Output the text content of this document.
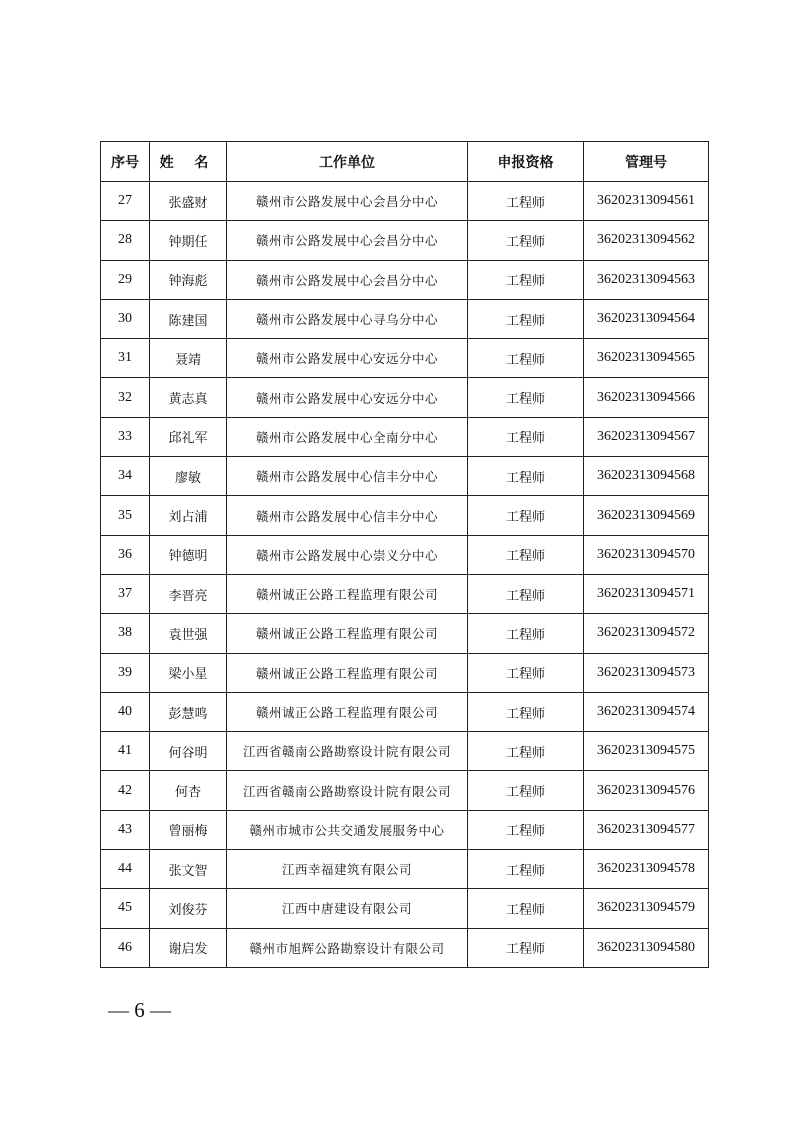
序号	姓 名	工作单位	申报资格	管理号
27	张盛财	赣州市公路发展中心会昌分中心	工程师	36202313094561
28	钟期任	赣州市公路发展中心会昌分中心	工程师	36202313094562
29	钟海彪	赣州市公路发展中心会昌分中心	工程师	36202313094563
30	陈建国	赣州市公路发展中心寻乌分中心	工程师	36202313094564
31	聂靖	赣州市公路发展中心安远分中心	工程师	36202313094565
32	黄志真	赣州市公路发展中心安远分中心	工程师	36202313094566
33	邱礼军	赣州市公路发展中心全南分中心	工程师	36202313094567
34	廖敏	赣州市公路发展中心信丰分中心	工程师	36202313094568
35	刘占浦	赣州市公路发展中心信丰分中心	工程师	36202313094569
36	钟德明	赣州市公路发展中心崇义分中心	工程师	36202313094570
37	李晋亮	赣州诚正公路工程监理有限公司	工程师	36202313094571
38	袁世强	赣州诚正公路工程监理有限公司	工程师	36202313094572
39	梁小星	赣州诚正公路工程监理有限公司	工程师	36202313094573
40	彭慧鸣	赣州诚正公路工程监理有限公司	工程师	36202313094574
41	何谷明	江西省赣南公路勘察设计院有限公司	工程师	36202313094575
42	何杏	江西省赣南公路勘察设计院有限公司	工程师	36202313094576
43	曾丽梅	赣州市城市公共交通发展服务中心	工程师	36202313094577
44	张文智	江西幸福建筑有限公司	工程师	36202313094578
45	刘俊芬	江西中唐建设有限公司	工程师	36202313094579
46	谢启发	赣州市旭辉公路勘察设计有限公司	工程师	36202313094580
— 6 —
